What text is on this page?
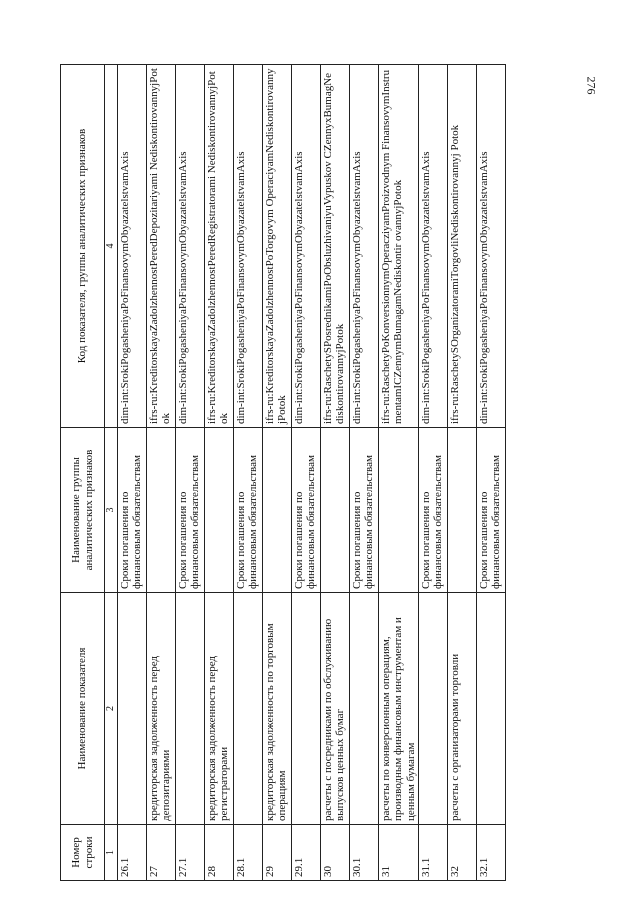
276
Номер строки	Наименование показателя	Наименование группы аналитических признаков	Код показателя, группы аналитических признаков
1	2	3	4
26.1		Сроки погашения по финансовым обязательствам	dim-int:SrokiPogasheniyaPoFinansovymObyazatelstvamAxis
27	кредиторская задолженность перед депозитариями		ifrs-ru:KreditorskayaZadolzhennostPeredDepozitariyami NediskontirovannyjPotok
27.1		Сроки погашения по финансовым обязательствам	dim-int:SrokiPogasheniyaPoFinansovymObyazatelstvamAxis
28	кредиторская задолженность перед регистраторами		ifrs-ru:KreditorskayaZadolzhennostPeredRegistratorami NediskontirovannyjPotok
28.1		Сроки погашения по финансовым обязательствам	dim-int:SrokiPogasheniyaPoFinansovymObyazatelstvamAxis
29	кредиторская задолженность по торговым операциям		ifrs-ru:KreditorskayaZadolzhennostPoTorgovym OperaciyamNediskontirovannyjPotok
29.1		Сроки погашения по финансовым обязательствам	dim-int:SrokiPogasheniyaPoFinansovymObyazatelstvamAxis
30	расчеты с посредниками по обслуживанию выпусков ценных бумаг		ifrs-ru:RaschetySPosrednikamiPoObsluzhivaniyuVypuskov CZennyxBumagNediskontirovannyjPotok
30.1		Сроки погашения по финансовым обязательствам	dim-int:SrokiPogasheniyaPoFinansovymObyazatelstvamAxis
31	расчеты по конверсионным операциям, производным финансовым инструментам и ценным бумагам		ifrs-ru:RaschetyPoKonversionnymOperacziyamProizvodnym FinansovymInstrumentamICZennymBumagamNediskontir ovannyjPotok
31.1		Сроки погашения по финансовым обязательствам	dim-int:SrokiPogasheniyaPoFinansovymObyazatelstvamAxis
32	расчеты с организаторами торговли		ifrs-ru:RaschetySOrganizatoramiTorgovliNediskontirovannyj Potok
32.1		Сроки погашения по финансовым обязательствам	dim-int:SrokiPogasheniyaPoFinansovymObyazatelstvamAxis
